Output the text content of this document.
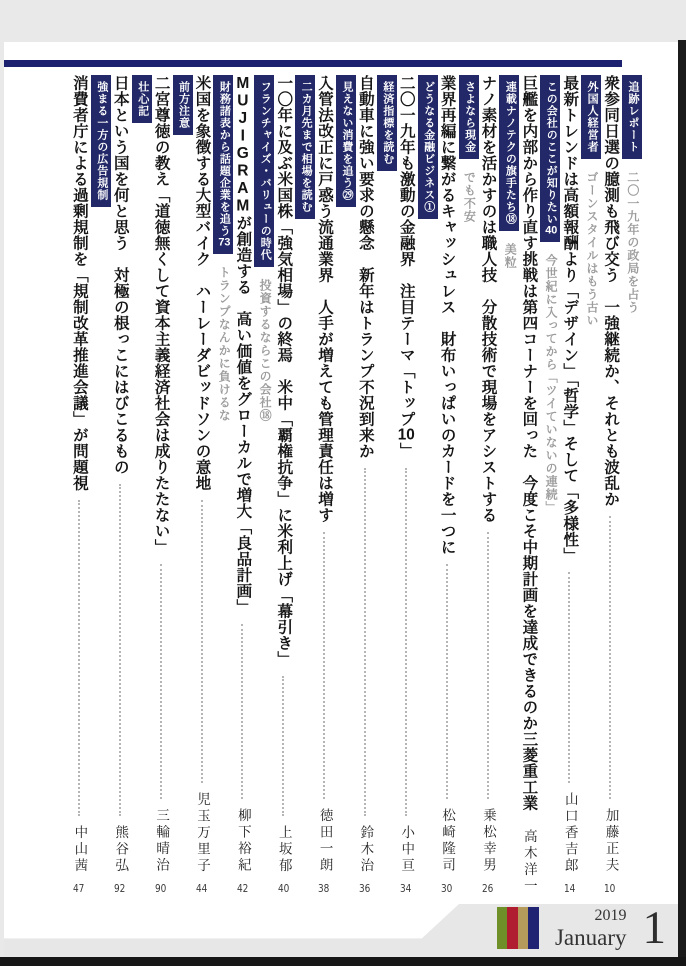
追跡レポート
二〇一九年の政局を占う
衆参同日選の臆測も飛び交う　一強継続か、それとも波乱か
加藤正夫
10
外国人経営者
ゴーンスタイルはもう古い
最新トレンドは高額報酬より「デザイン」「哲学」そして「多様性」
山口香吉郎
14
この会社のここが知りたい40
今世紀に入ってから「ツイていないの連続」
巨艦を内部から作り直す挑戦は第四コーナーを回った　今度こそ中期計画を達成できるのか三菱重工業
高木洋一
連載ナノテクの旗手たち⑱
美粒
ナノ素材を活かすのは職人技　分散技術で現場をアシストする
乗松幸男
26
さよなら現金
でも不安
業界再編に繋がるキャッシュレス　財布いっぱいのカードを一つに
松崎隆司
30
どうなる金融ビジネス①
二〇一九年も激動の金融界　注目テーマ「トップ10」
小中亘
34
経済指標を読む
自動車に強い要求の懸念　新年はトランプ不況到来か
鈴木治
36
見えない消費を追う㉙
入管法改正に戸惑う流通業界　人手が増えても管理責任は増す
徳田一朗
38
二カ月先まで相場を読む
一〇年に及ぶ米国株「強気相場」の終焉　米中「覇権抗争」に米利上げ「幕引き」
上坂郁
40
フランチャイズ・バリューの時代
投資するならこの会社⑱
MUJIGRAMが創造する　高い価値をグローカルで増大「良品計画」
柳下裕紀
42
財務諸表から話題企業を追う73
トランプなんかに負けるな
米国を象徴する大型バイク　ハーレーダビッドソンの意地
児玉万里子
44
前方注意
二宮尊徳の教え「道徳無くして資本主義経済社会は成りたたない」
三輪晴治
90
壮心記
日本という国を何と思う　対極の根っこにはびこるもの
熊谷弘
92
強まる一方の広告規制
消費者庁による過剰規制を「規制改革推進会議」が問題視
中山茜
47
2019
January 1
